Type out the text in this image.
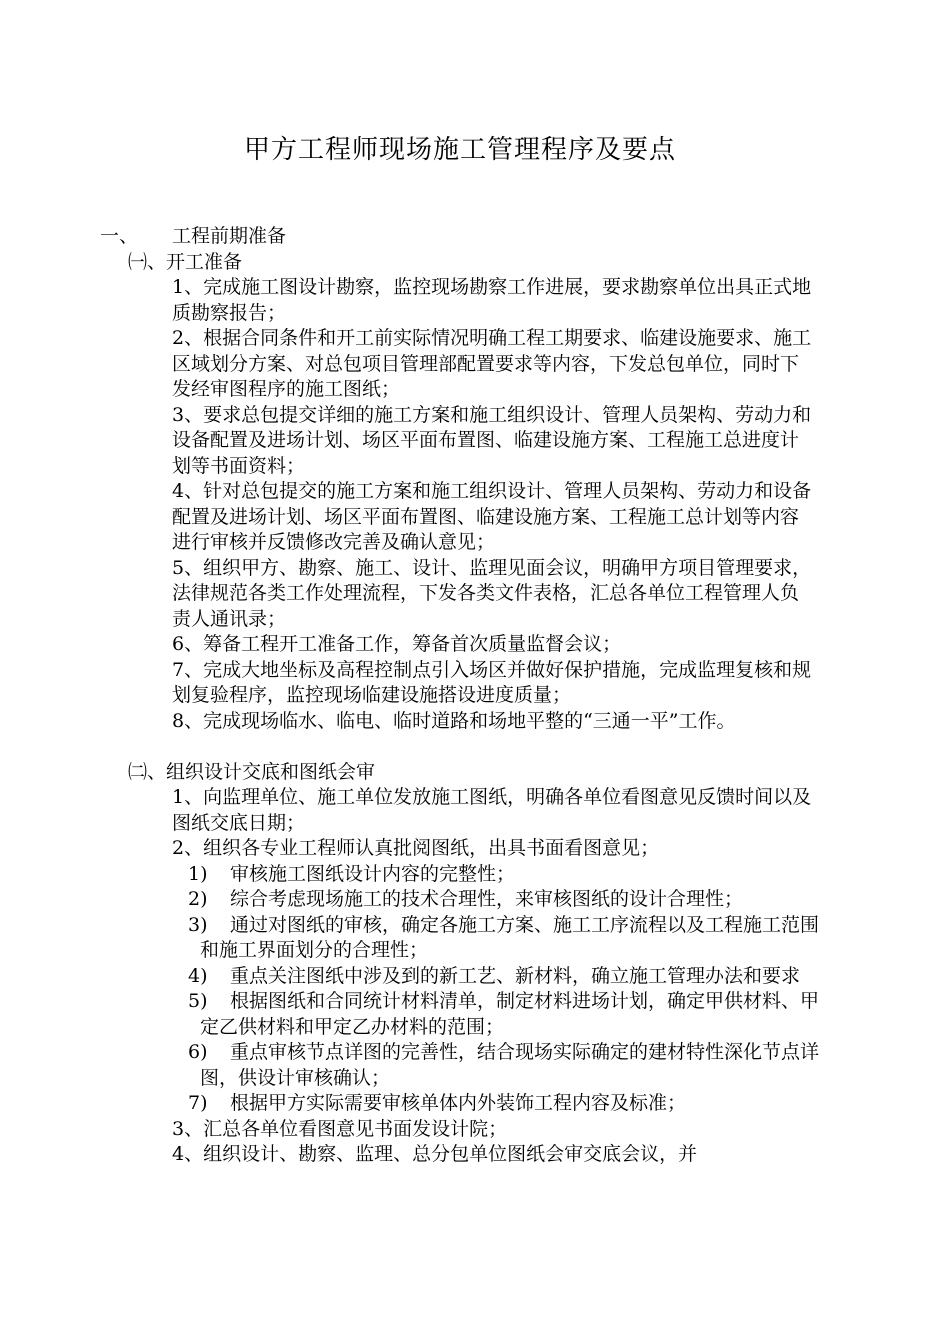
甲方工程师现场施工管理程序及要点
一、 工程前期准备
㈠、开工准备
1、完成施工图设计勘察，监控现场勘察工作进展，要求勘察单位出具正式地质勘察报告；
2、根据合同条件和开工前实际情况明确工程工期要求、临建设施要求、施工区域划分方案、对总包项目管理部配置要求等内容，下发总包单位，同时下发经审图程序的施工图纸；
3、要求总包提交详细的施工方案和施工组织设计、管理人员架构、劳动力和设备配置及进场计划、场区平面布置图、临建设施方案、工程施工总进度计划等书面资料；
4、针对总包提交的施工方案和施工组织设计、管理人员架构、劳动力和设备配置及进场计划、场区平面布置图、临建设施方案、工程施工总计划等内容进行审核并反馈修改完善及确认意见；
5、组织甲方、勘察、施工、设计、监理见面会议，明确甲方项目管理要求，法律规范各类工作处理流程，下发各类文件表格，汇总各单位工程管理人负责人通讯录；
6、筹备工程开工准备工作，筹备首次质量监督会议；
7、完成大地坐标及高程控制点引入场区并做好保护措施，完成监理复核和规划复验程序，监控现场临建设施搭设进度质量；
8、完成现场临水、临电、临时道路和场地平整的“三通一平”工作。
㈡、组织设计交底和图纸会审
1、向监理单位、施工单位发放施工图纸，明确各单位看图意见反馈时间以及图纸交底日期；
2、组织各专业工程师认真批阅图纸，出具书面看图意见；
1) 审核施工图纸设计内容的完整性；
2) 综合考虑现场施工的技术合理性，来审核图纸的设计合理性；
3) 通过对图纸的审核，确定各施工方案、施工工序流程以及工程施工范围和施工界面划分的合理性；
4) 重点关注图纸中涉及到的新工艺、新材料，确立施工管理办法和要求
5) 根据图纸和合同统计材料清单，制定材料进场计划，确定甲供材料、甲定乙供材料和甲定乙办材料的范围；
6) 重点审核节点详图的完善性，结合现场实际确定的建材特性深化节点详图，供设计审核确认；
7) 根据甲方实际需要审核单体内外装饰工程内容及标准；
3、汇总各单位看图意见书面发设计院；
4、组织设计、勘察、监理、总分包单位图纸会审交底会议，并
